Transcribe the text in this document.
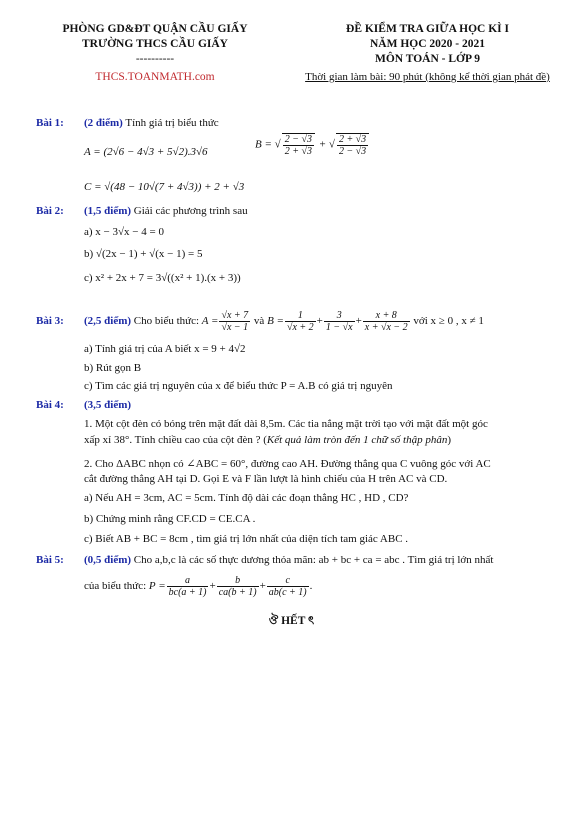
PHÒNG GD&ĐT QUẬN CẦU GIẤY
TRƯỜNG THCS CẦU GIẤY
----------
THCS.TOANMATH.com
ĐỀ KIỂM TRA GIỮA HỌC KÌ I
NĂM HỌC 2020 - 2021
MÔN TOÁN - LỚP 9
Thời gian làm bài: 90 phút (không kể thời gian phát đề)
Bài 1: (2 điểm) Tính giá trị biểu thức
A = (2√6 − 4√3 + 5√2).3√6
B = √ $\frac{2 - √3}{2 + √3}$ + √ $\frac{2 + √3}{2 - √3}$
C = √(48 − 10√(7 + 4√3)) + 2 + √3
Bài 2: (1,5 điểm) Giải các phương trình sau
a) x − 3√x − 4 = 0
b) √(2x − 1) + √(x − 1) = 5
c) x² + 2x + 7 = 3√((x² + 1).(x + 3))
Bài 3: (2,5 điểm) Cho biểu thức: $A = \frac{√x + 7}{√x - 1}$ và $B = \frac{1}{√x + 2} + \frac{3}{1 - √x} + \frac{x + 8}{x + √x - 2}$ với x ≥ 0 , x ≠ 1
a) Tính giá trị của A biết x = 9 + 4√2
b) Rút gọn B
c) Tìm các giá trị nguyên của x để biểu thức P = A.B có giá trị nguyên
Bài 4: (3,5 điểm)
1. Một cột đèn có bóng trên mặt đất dài 8,5m. Các tia nắng mặt trời tạo với mặt đất một góc
xấp xỉ 38°. Tính chiều cao của cột đèn ? (Kết quả làm tròn đến 1 chữ số thập phân)
2. Cho ΔABC nhọn có ∠ABC = 60°, đường cao AH. Đường thẳng qua C vuông góc với AC
cắt đường thẳng AH tại D. Gọi E và F lần lượt là hình chiếu của H trên AC và CD.
a) Nếu AH = 3cm, AC = 5cm. Tính độ dài các đoạn thẳng HC , HD , CD?
b) Chứng minh rằng CF.CD = CE.CA .
c) Biết AB + BC = 8cm , tìm giá trị lớn nhất của diện tích tam giác ABC .
Bài 5: (0,5 điểm) Cho a,b,c là các số thực dương thỏa mãn: ab + bc + ca = abc . Tìm giá trị lớn nhất
của biểu thức: $P = \frac{a}{bc(a + 1)} + \frac{b}{ca(b + 1)} + \frac{c}{ab(c + 1)}$ .
ঔ HẾT ৎ
